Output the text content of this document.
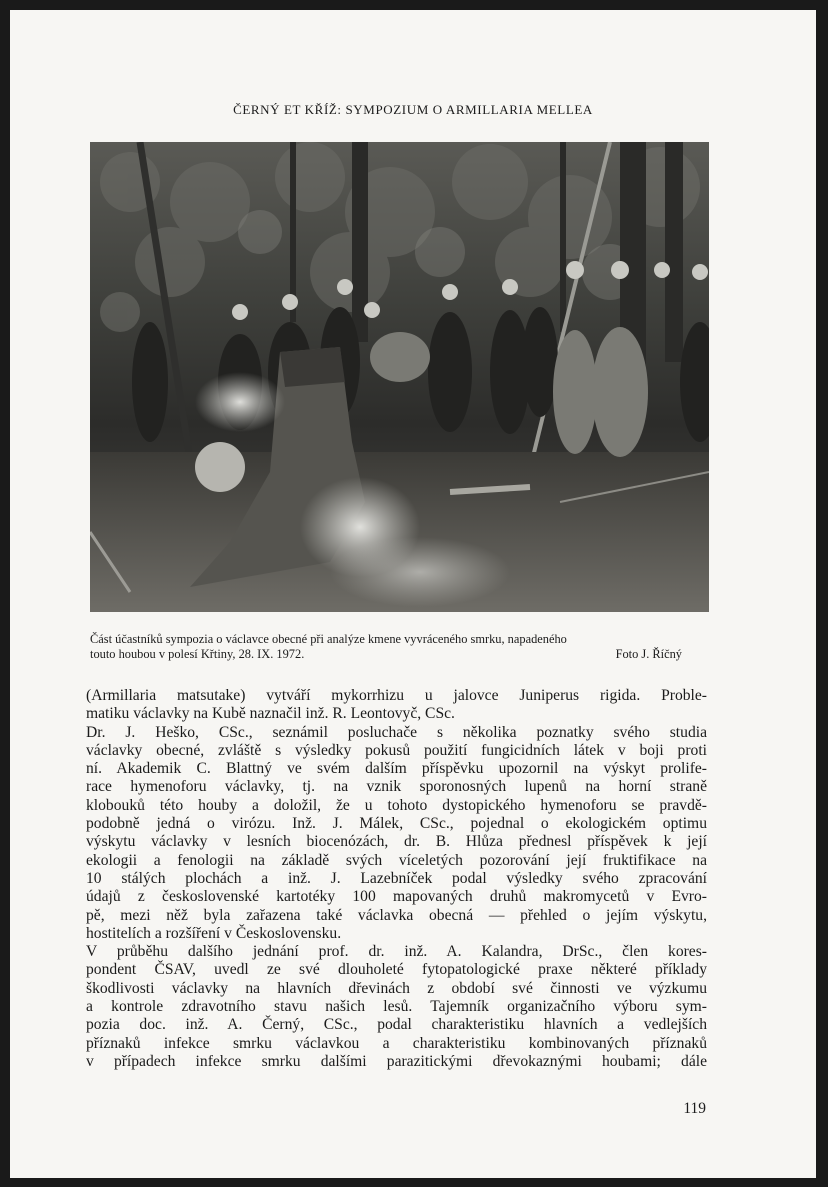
ČERNÝ ET KŘÍŽ: SYMPOZIUM O ARMILLARIA MELLEA
Část účastníků sympozia o václavce obecné při analýze kmene vyvráceného smrku, napadeného
touto houbou v polesí Křtiny, 28. IX. 1972.	Foto J. Říčný
(Armillaria matsutake) vytváří mykorrhizu u jalovce Juniperus rigida. Proble-
matiku václavky na Kubě naznačil inž. R. Leontovyč, CSc.
Dr. J. Heško, CSc., seznámil posluchače s několika poznatky svého studia
václavky obecné, zvláště s výsledky pokusů použití fungicidních látek v boji proti
ní. Akademik C. Blattný ve svém dalším příspěvku upozornil na výskyt prolife-
race hymenoforu václavky, tj. na vznik sporonosných lupenů na horní straně
klobouků této houby a doložil, že u tohoto dystopického hymenoforu se pravdě-
podobně jedná o virózu. Inž. J. Málek, CSc., pojednal o ekologickém optimu
výskytu václavky v lesních biocenózách, dr. B. Hlůza přednesl příspěvek k její
ekologii a fenologii na základě svých víceletých pozorování její fruktifikace na
10 stálých plochách a inž. J. Lazebníček podal výsledky svého zpracování
údajů z československé kartotéky 100 mapovaných druhů makromycetů v Evro-
pě, mezi něž byla zařazena také václavka obecná — přehled o jejím výskytu,
hostitelích a rozšíření v Československu.
V průběhu dalšího jednání prof. dr. inž. A. Kalandra, DrSc., člen kores-
pondent ČSAV, uvedl ze své dlouholeté fytopatologické praxe některé příklady
škodlivosti václavky na hlavních dřevinách z období své činnosti ve výzkumu
a kontrole zdravotního stavu našich lesů. Tajemník organizačního výboru sym-
pozia doc. inž. A. Černý, CSc., podal charakteristiku hlavních a vedlejších
příznaků infekce smrku václavkou a charakteristiku kombinovaných příznaků
v případech infekce smrku dalšími parazitickými dřevokaznými houbami; dále
119
